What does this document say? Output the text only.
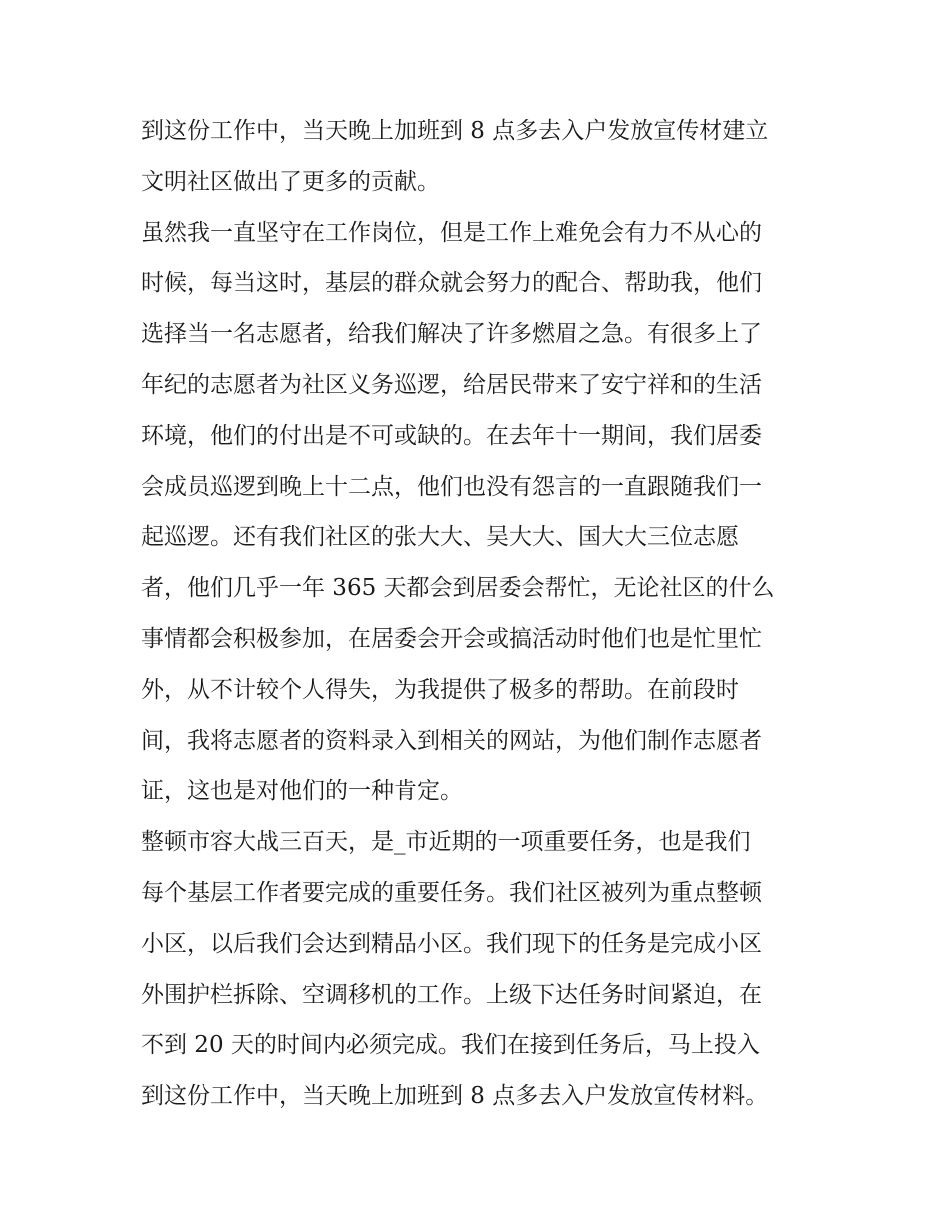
到这份工作中，当天晚上加班到 8 点多去入户发放宣传材建立
文明社区做出了更多的贡献。
虽然我一直坚守在工作岗位，但是工作上难免会有力不从心的
时候，每当这时，基层的群众就会努力的配合、帮助我，他们
选择当一名志愿者，给我们解决了许多燃眉之急。有很多上了
年纪的志愿者为社区义务巡逻，给居民带来了安宁祥和的生活
环境，他们的付出是不可或缺的。在去年十一期间，我们居委
会成员巡逻到晚上十二点，他们也没有怨言的一直跟随我们一
起巡逻。还有我们社区的张大大、吴大大、国大大三位志愿
者，他们几乎一年 365 天都会到居委会帮忙，无论社区的什么
事情都会积极参加，在居委会开会或搞活动时他们也是忙里忙
外，从不计较个人得失，为我提供了极多的帮助。在前段时
间，我将志愿者的资料录入到相关的网站，为他们制作志愿者
证，这也是对他们的一种肯定。
整顿市容大战三百天，是_市近期的一项重要任务，也是我们
每个基层工作者要完成的重要任务。我们社区被列为重点整顿
小区，以后我们会达到精品小区。我们现下的任务是完成小区
外围护栏拆除、空调移机的工作。上级下达任务时间紧迫，在
不到 20 天的时间内必须完成。我们在接到任务后，马上投入
到这份工作中，当天晚上加班到 8 点多去入户发放宣传材料。
